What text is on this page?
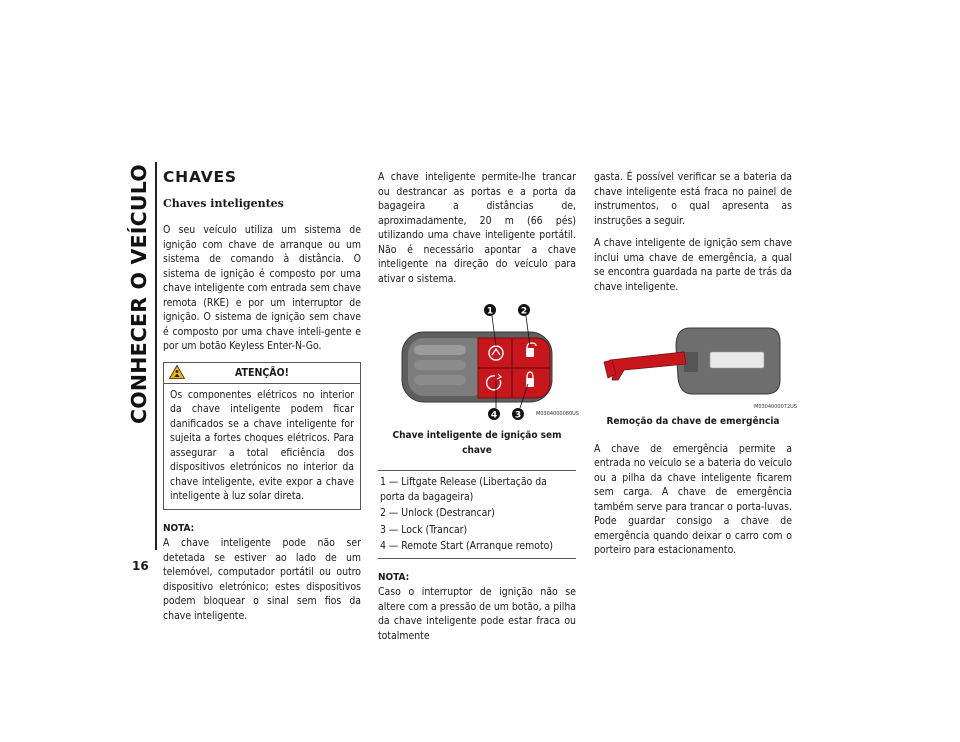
CONHECER O VEÍCULO
16
CHAVES
Chaves inteligentes

O seu veículo utiliza um sistema de ignição com chave de arranque ou um sistema de comando à distância. O sistema de ignição é composto por uma chave inteligente com entrada sem chave remota (RKE) e por um interruptor de ignição. O sistema de ignição sem chave é composto por uma chave inteli-gente e por um botão Keyless Enter-N-Go.

ATENÇÃO!
Os componentes elétricos no interior da chave inteligente podem ficar danificados se a chave inteligente for sujeita a fortes choques elétricos. Para assegurar a total eficiência dos dispositivos eletrónicos no interior da chave inteligente, evite expor a chave inteligente à luz solar direta.
NOTA:

A chave inteligente pode não ser detetada se estiver ao lado de um telemóvel, computador portátil ou outro dispositivo eletrónico; estes dispositivos podem bloquear o sinal sem fios da chave inteligente.

A chave inteligente permite-lhe trancar ou destrancar as portas e a porta da bagageira a distâncias de, aproximadamente, 20 m (66 pés) utilizando uma chave inteligente portátil. Não é necessário apontar a chave inteligente na direção do veículo para ativar o sistema.

1	2
4 3	M0304000080US
Chave inteligente de ignição sem chave
1 — Liftgate Release (Libertação da porta da bagageira)
2 — Unlock (Destrancar)
3 — Lock (Trancar)
4 — Remote Start (Arranque remoto)
NOTA:

Caso o interruptor de ignição não se altere com a pressão de um botão, a pilha da chave inteligente pode estar fraca ou totalmente

gasta. É possível verificar se a bateria da chave inteligente está fraca no painel de instrumentos, o qual apresenta as instruções a seguir.

A chave inteligente de ignição sem chave inclui uma chave de emergência, a qual se encontra guardada na parte de trás da chave inteligente.

M0304000072US
Remoção da chave de emergência

A chave de emergência permite a entrada no veículo se a bateria do veículo ou a pilha da chave inteligente ficarem sem carga. A chave de emergência também serve para trancar o porta-luvas. Pode guardar consigo a chave de emergência quando deixar o carro com o porteiro para estacionamento.
